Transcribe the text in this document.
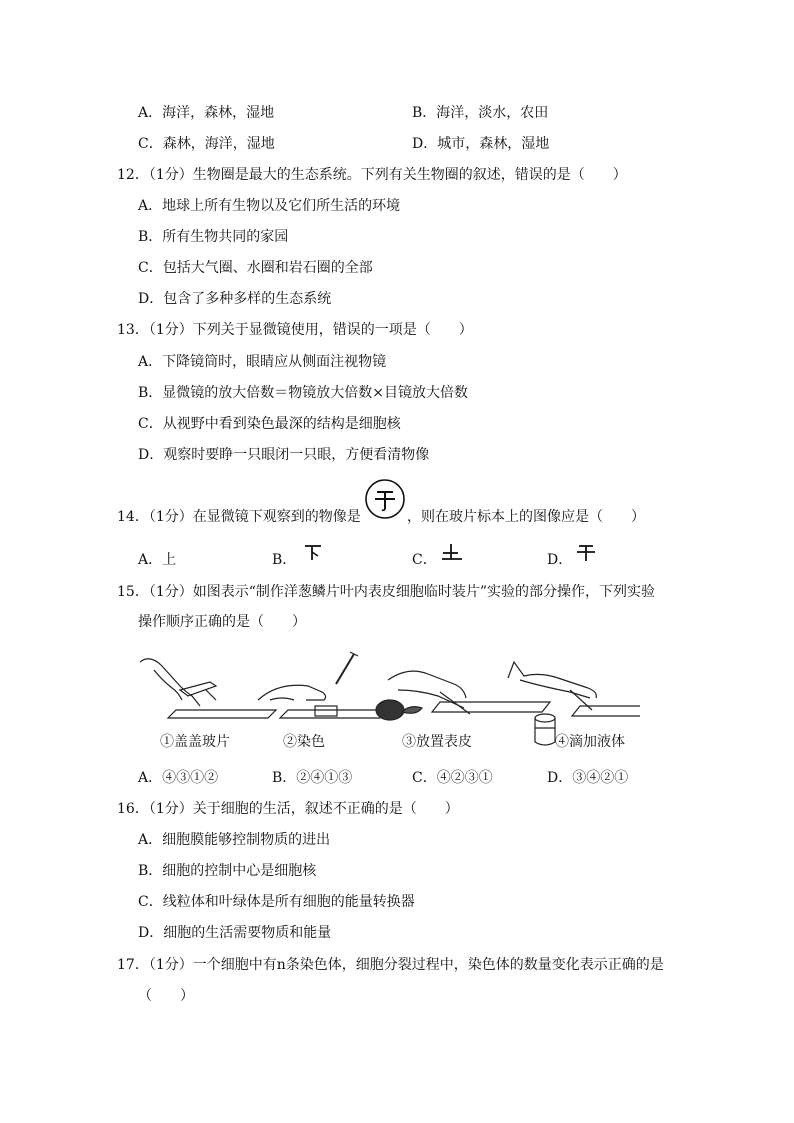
A．海洋，森林，湿地	B．海洋，淡水，农田
C．森林，海洋，湿地	D．城市，森林，湿地
12．（1分）生物圈是最大的生态系统。下列有关生物圈的叙述，错误的是（　　）
A．地球上所有生物以及它们所生活的环境
B．所有生物共同的家园
C．包括大气圈、水圈和岩石圈的全部
D．包含了多种多样的生态系统
13．（1分）下列关于显微镜使用，错误的一项是（　　）
A．下降镜筒时，眼睛应从侧面注视物镜
B．显微镜的放大倍数＝物镜放大倍数×目镜放大倍数
C．从视野中看到染色最深的结构是细胞核
D．观察时要睁一只眼闭一只眼，方便看清物像
14．（1分）在显微镜下观察到的物像是	，则在玻片标本上的图像应是（　　）
A．上	B．	C．	D．
15．（1分）如图表示“制作洋葱鳞片叶内表皮细胞临时装片”实验的部分操作，下列实验
操作顺序正确的是（　　）
①盖盖玻片	②染色	③放置表皮	④滴加液体
A．④③①②	B．②④①③	C．④②③①	D．③④②①
16．（1分）关于细胞的生活，叙述不正确的是（　　）
A．细胞膜能够控制物质的进出
B．细胞的控制中心是细胞核
C．线粒体和叶绿体是所有细胞的能量转换器
D．细胞的生活需要物质和能量
17．（1分）一个细胞中有n条染色体，细胞分裂过程中，染色体的数量变化表示正确的是
（　　）
